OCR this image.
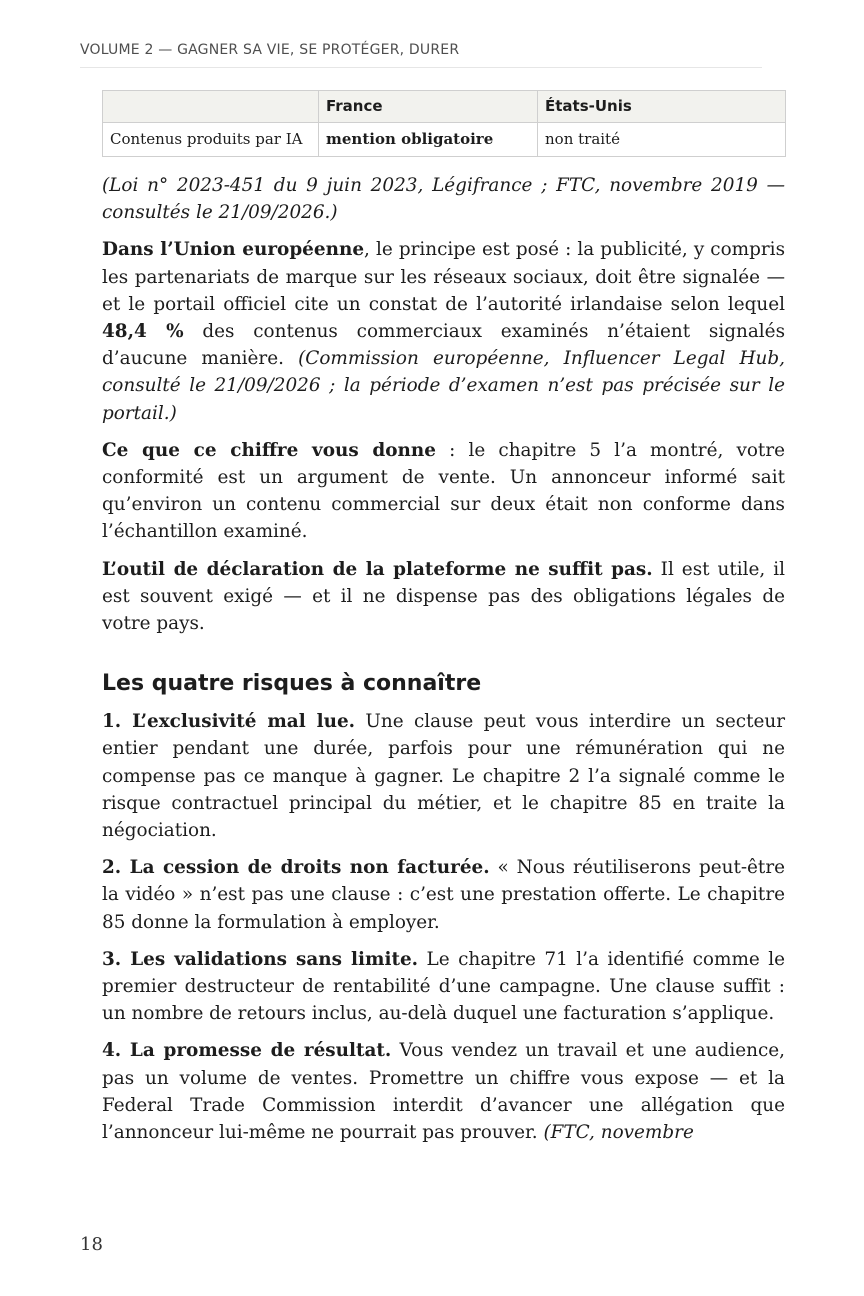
VOLUME 2 — GAGNER SA VIE, SE PROTÉGER, DURER
	France	États-Unis
Contenus produits par IA	mention obligatoire	non traité

(Loi n° 2023-451 du 9 juin 2023, Légifrance ; FTC, novembre 2019 — consultés le 21/09/2026.)

Dans l’Union européenne, le principe est posé : la publicité, y compris les partenariats de marque sur les réseaux sociaux, doit être signalée — et le portail officiel cite un constat de l’autorité irlandaise selon lequel 48,4 % des contenus commerciaux examinés n’étaient signalés d’aucune manière. (Commission européenne, Influencer Legal Hub, consulté le 21/09/2026 ; la période d’examen n’est pas précisée sur le portail.)

Ce que ce chiffre vous donne : le chapitre 5 l’a montré, votre conformité est un argument de vente. Un annonceur informé sait qu’environ un contenu commercial sur deux était non conforme dans l’échantillon examiné.

L’outil de déclaration de la plateforme ne suffit pas. Il est utile, il est souvent exigé — et il ne dispense pas des obligations légales de votre pays.

Les quatre risques à connaître

1. L’exclusivité mal lue. Une clause peut vous interdire un secteur entier pendant une durée, parfois pour une rémunération qui ne compense pas ce manque à gagner. Le chapitre 2 l’a signalé comme le risque contractuel principal du métier, et le chapitre 85 en traite la négociation.

2. La cession de droits non facturée. « Nous réutiliserons peut-être la vidéo » n’est pas une clause : c’est une prestation offerte. Le chapitre 85 donne la formulation à employer.

3. Les validations sans limite. Le chapitre 71 l’a identifié comme le premier destructeur de rentabilité d’une campagne. Une clause suffit : un nombre de retours inclus, au-delà duquel une facturation s’applique.

4. La promesse de résultat. Vous vendez un travail et une audience, pas un volume de ventes. Promettre un chiffre vous expose — et la Federal Trade Commission interdit d’avancer une allégation que l’annonceur lui-même ne pourrait pas prouver. (FTC, novembre

18
